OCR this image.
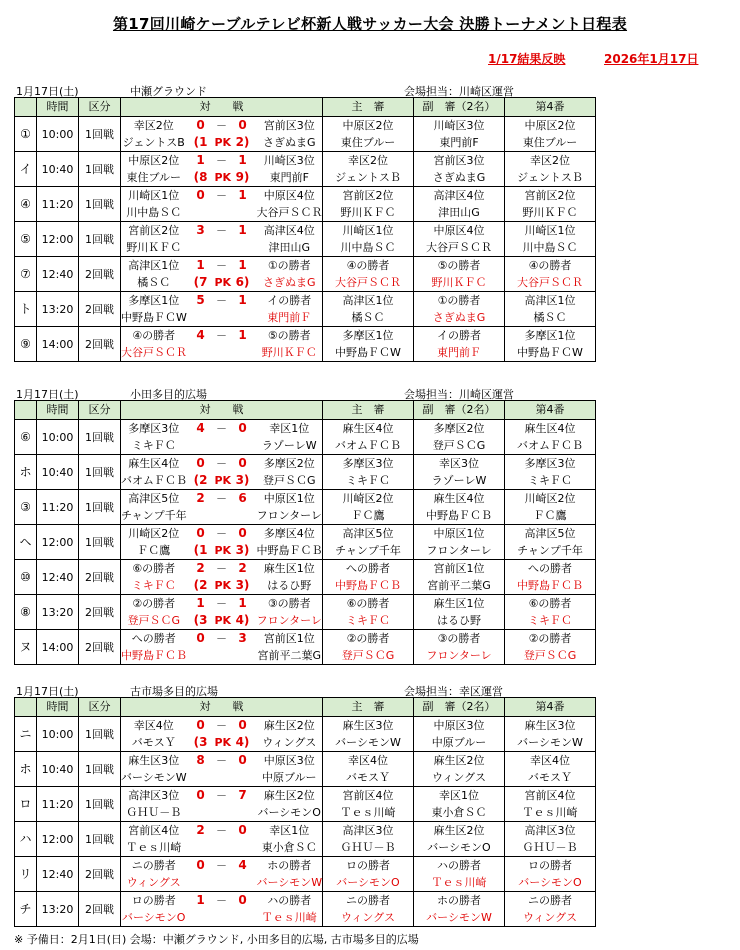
第17回川崎ケーブルテレビ杯新人戦サッカー大会 決勝トーナメント日程表
1/17結果反映	2026年1月17日
1月17日(土)	中瀬グラウンド	会場担当：川崎区運営
	時間	区分	対　　戦					主　審	副　審（2名）	第4番
①	10:00	1回戦	幸区2位	0	－	0	宮前区3位	中原区2位	川崎区3位	中原区2位
			ジェントスB	(1	PK	2)	さぎぬまG	東住ブルー	東門前F	東住ブルー
イ	10:40	1回戦	中原区2位	1	－	1	川崎区3位	幸区2位	宮前区3位	幸区2位
			東住ブルー	(8	PK	9)	東門前F	ジェントスＢ	さぎぬまG	ジェントスＢ
④	11:20	1回戦	川崎区1位	0	－	1	中原区4位	宮前区2位	高津区4位	宮前区2位
			川中島ＳＣ				大谷戸ＳＣＲ	野川ＫＦＣ	津田山G	野川ＫＦＣ
⑤	12:00	1回戦	宮前区2位	3	－	1	高津区4位	川崎区1位	中原区4位	川崎区1位
			野川ＫＦＣ				津田山G	川中島ＳＣ	大谷戸ＳＣＲ	川中島ＳＣ
⑦	12:40	2回戦	高津区1位	1	－	1	①の勝者	④の勝者	⑤の勝者	④の勝者
			橘ＳＣ	(7	PK	6)	さぎぬまG	大谷戸ＳＣＲ	野川ＫＦＣ	大谷戸ＳＣＲ
ト	13:20	2回戦	多摩区1位	5	－	1	イの勝者	高津区1位	①の勝者	高津区1位
			中野島ＦＣW				東門前Ｆ	橘ＳＣ	さぎぬまG	橘ＳＣ
⑨	14:00	2回戦	④の勝者	4	－	1	⑤の勝者	多摩区1位	イの勝者	多摩区1位
			大谷戸ＳＣＲ				野川ＫＦＣ	中野島ＦＣW	東門前Ｆ	中野島ＦＣW
1月17日(土)	小田多目的広場	会場担当：川崎区運営
	時間	区分	対　　戦					主　審	副　審（2名）	第4番
⑥	10:00	1回戦	多摩区3位	4	－	0	幸区1位	麻生区4位	多摩区2位	麻生区4位
			ミキＦＣ				ラゾーレW	バオムＦＣＢ	登戸ＳＣG	バオムＦＣＢ
ホ	10:40	1回戦	麻生区4位	0	－	0	多摩区2位	多摩区3位	幸区3位	多摩区3位
			バオムＦＣＢ	(2	PK	3)	登戸ＳＣG	ミキＦＣ	ラゾーレW	ミキＦＣ
③	11:20	1回戦	高津区5位	2	－	6	中原区1位	川崎区2位	麻生区4位	川崎区2位
			チャンプ千年				フロンターレ	ＦＣ鷹	中野島ＦＣＢ	ＦＣ鷹
ヘ	12:00	1回戦	川崎区2位	0	－	0	多摩区4位	高津区5位	中原区1位	高津区5位
			ＦＣ鷹	(1	PK	3)	中野島ＦＣＢ	チャンプ千年	フロンターレ	チャンプ千年
⑩	12:40	2回戦	⑥の勝者	2	－	2	麻生区1位	への勝者	宮前区1位	への勝者
			ミキＦＣ	(2	PK	3)	はるひ野	中野島ＦＣＢ	宮前平二葉G	中野島ＦＣＢ
⑧	13:20	2回戦	②の勝者	1	－	1	③の勝者	⑥の勝者	麻生区1位	⑥の勝者
			登戸ＳＣG	(3	PK	4)	フロンターレ	ミキＦＣ	はるひ野	ミキＦＣ
ヌ	14:00	2回戦	への勝者	0	－	3	宮前区1位	②の勝者	③の勝者	②の勝者
			中野島ＦＣＢ				宮前平二葉G	登戸ＳＣG	フロンターレ	登戸ＳＣG
1月17日(土)	古市場多目的広場	会場担当：幸区運営
	時間	区分	対　　戦					主　審	副　審（2名）	第4番
ニ	10:00	1回戦	幸区4位	0	－	0	麻生区2位	麻生区3位	中原区3位	麻生区3位
			バモスＹ	(3	PK	4)	ウィングス	バーシモンW	中原ブルー	バーシモンW
ホ	10:40	1回戦	麻生区3位	8	－	0	中原区3位	幸区4位	麻生区2位	幸区4位
			バーシモンW				中原ブルー	バモスＹ	ウィングス	バモスＹ
ロ	11:20	1回戦	高津区3位	0	－	7	麻生区2位	宮前区4位	幸区1位	宮前区4位
			ＧＨＵ－Ｂ				バーシモンO	Ｔｅｓ川崎	東小倉ＳＣ	Ｔｅｓ川崎
ハ	12:00	1回戦	宮前区4位	2	－	0	幸区1位	高津区3位	麻生区2位	高津区3位
			Ｔｅｓ川崎				東小倉ＳＣ	ＧＨＵ－Ｂ	バーシモンO	ＧＨＵ－Ｂ
リ	12:40	2回戦	ニの勝者	0	－	4	ホの勝者	ロの勝者	ハの勝者	ロの勝者
			ウィングス				バーシモンW	バーシモンO	Ｔｅｓ川崎	バーシモンO
チ	13:20	2回戦	ロの勝者	1	－	0	ハの勝者	ニの勝者	ホの勝者	ニの勝者
			バーシモンO				Ｔｅｓ川崎	ウィングス	バーシモンW	ウィングス
※ 予備日：2月1日(日) 会場：中瀬グラウンド, 小田多目的広場, 古市場多目的広場
